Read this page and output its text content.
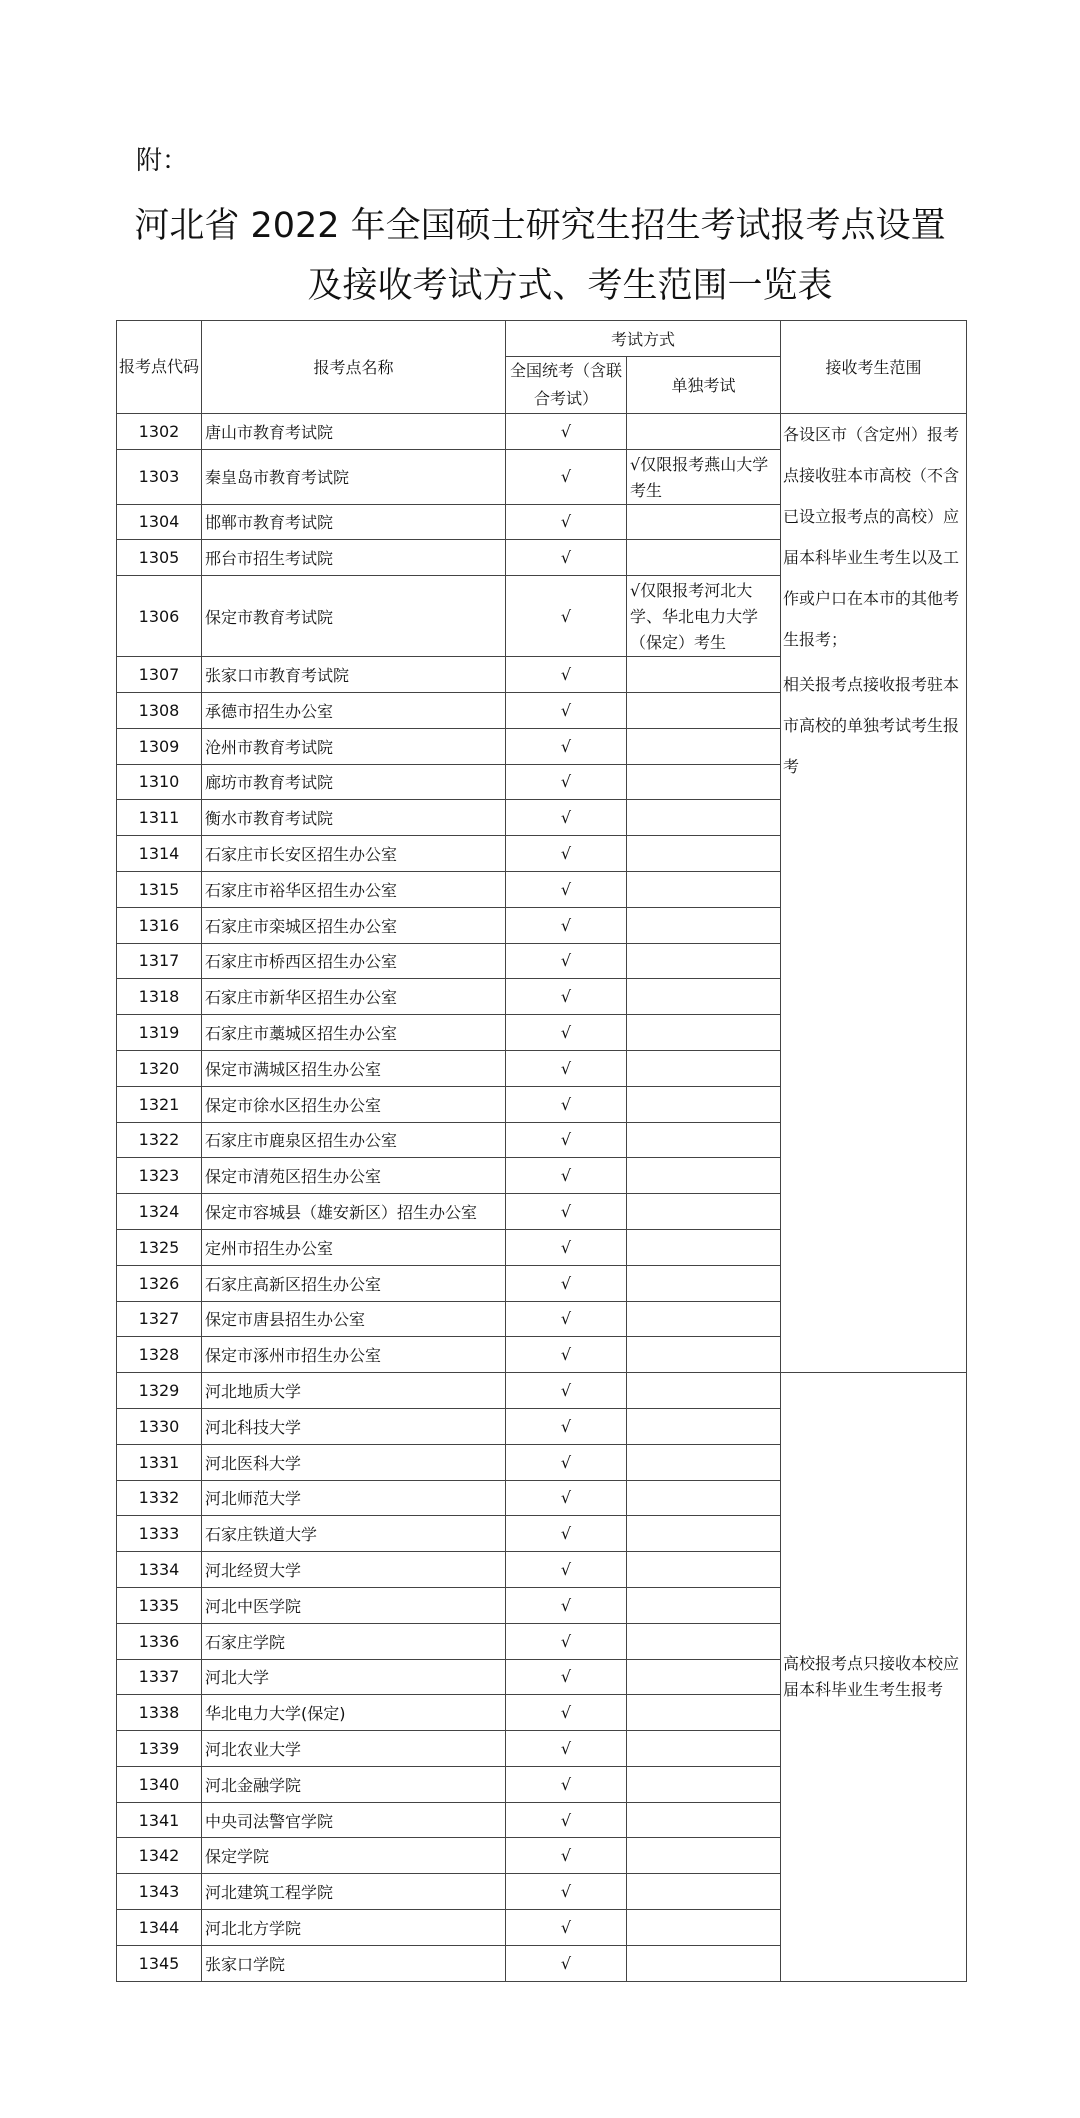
附：
河北省 2022 年全国硕士研究生招生考试报考点设置
及接收考试方式、考生范围一览表
报考点代码	报考点名称	考试方式		接收考生范围
		全国统考（含联合考试）	单独考试	
1302	唐山市教育考试院	√		各设区市（含定州）报考点接收驻本市高校（不含已设立报考点的高校）应届本科毕业生考生以及工作或户口在本市的其他考生报考；

相关报考点接收报考驻本市高校的单独考试考生报考

1303	秦皇岛市教育考试院	√	√仅限报考燕山大学考生	
1304	邯郸市教育考试院	√		
1305	邢台市招生考试院	√		
1306	保定市教育考试院	√	√仅限报考河北大学、华北电力大学（保定）考生	
1307	张家口市教育考试院	√		
1308	承德市招生办公室	√		
1309	沧州市教育考试院	√		
1310	廊坊市教育考试院	√		
1311	衡水市教育考试院	√		
1314	石家庄市长安区招生办公室	√		
1315	石家庄市裕华区招生办公室	√		
1316	石家庄市栾城区招生办公室	√		
1317	石家庄市桥西区招生办公室	√		
1318	石家庄市新华区招生办公室	√		
1319	石家庄市藁城区招生办公室	√		
1320	保定市满城区招生办公室	√		
1321	保定市徐水区招生办公室	√		
1322	石家庄市鹿泉区招生办公室	√		
1323	保定市清苑区招生办公室	√		
1324	保定市容城县（雄安新区）招生办公室	√		
1325	定州市招生办公室	√		
1326	石家庄高新区招生办公室	√		
1327	保定市唐县招生办公室	√		
1328	保定市涿州市招生办公室	√		
1329	河北地质大学	√		高校报考点只接收本校应届本科毕业生考生报考
1330	河北科技大学	√		
1331	河北医科大学	√		
1332	河北师范大学	√		
1333	石家庄铁道大学	√		
1334	河北经贸大学	√		
1335	河北中医学院	√		
1336	石家庄学院	√		
1337	河北大学	√		
1338	华北电力大学(保定)	√		
1339	河北农业大学	√		
1340	河北金融学院	√		
1341	中央司法警官学院	√		
1342	保定学院	√		
1343	河北建筑工程学院	√		
1344	河北北方学院	√		
1345	张家口学院	√		
